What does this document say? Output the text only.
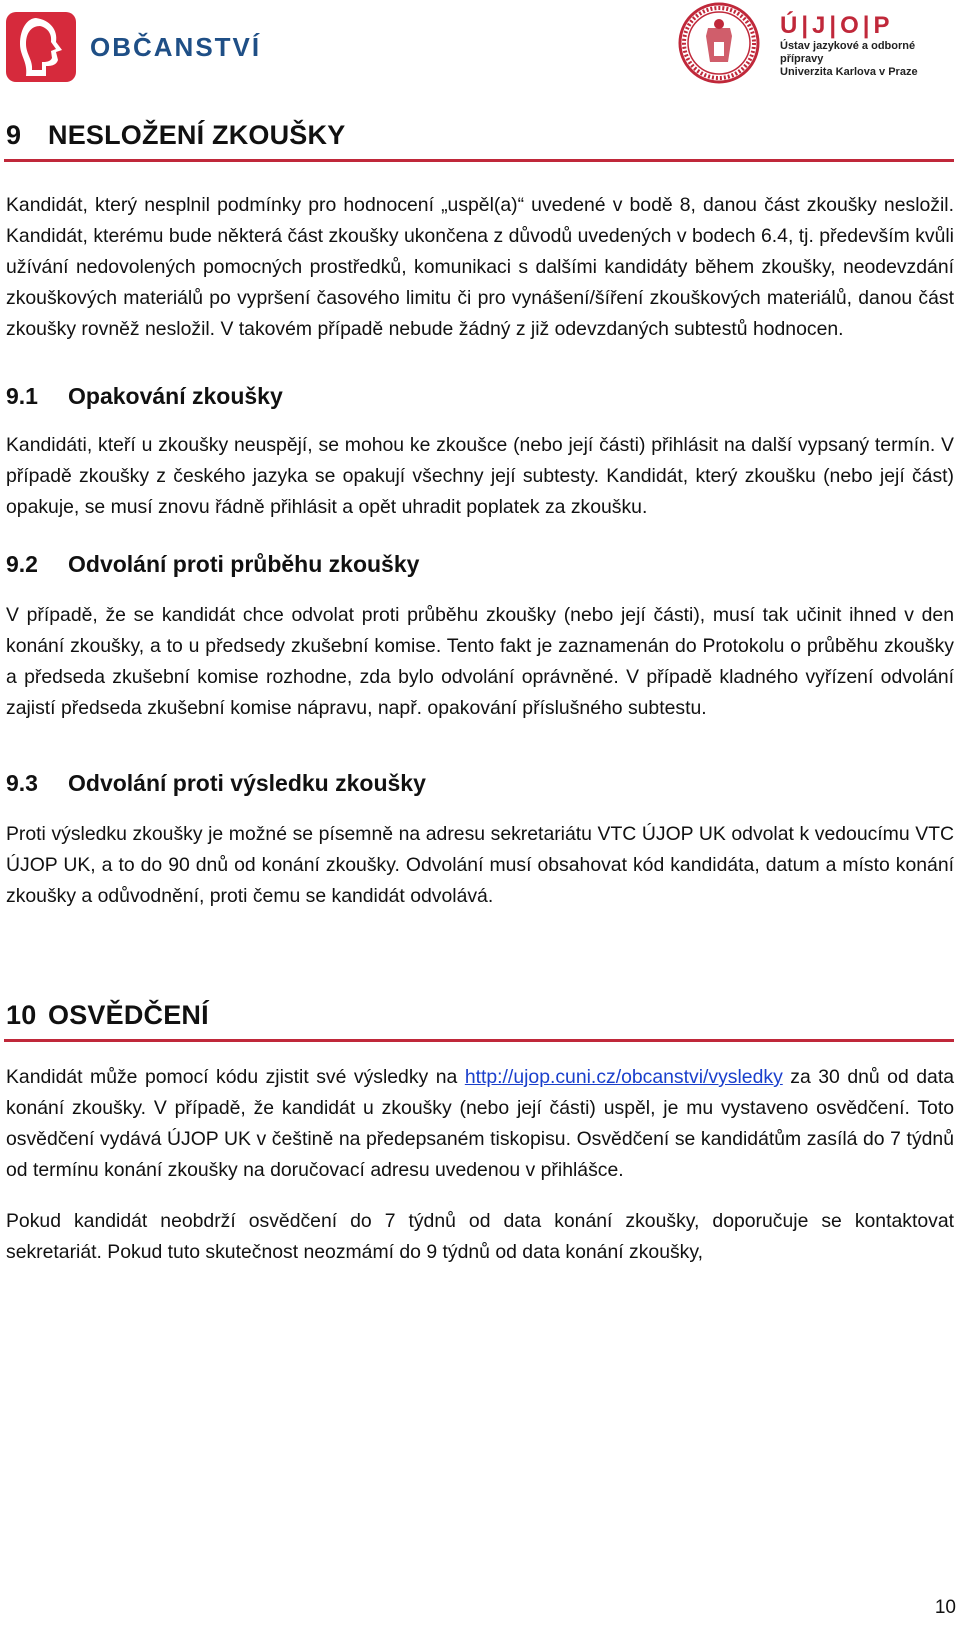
OBČANSTVÍ
Ú|J|O|P
Ústav jazykové a odborné přípravy
Univerzita Karlova v Praze
9 NESLOŽENÍ ZKOUŠKY

Kandidát, který nesplnil podmínky pro hodnocení „uspěl(a)“ uvedené v bodě 8, danou část zkoušky nesložil. Kandidát, kterému bude některá část zkoušky ukončena z důvodů uvedených v bodech 6.4, tj. především kvůli užívání nedovolených pomocných prostředků, komunikaci s dalšími kandidáty během zkoušky, neodevzdání zkouškových materiálů po vypršení časového limitu či pro vynášení/šíření zkouškových materiálů, danou část zkoušky rovněž nesložil. V takovém případě nebude žádný z již odevzdaných subtestů hodnocen.

9.1 Opakování zkoušky

Kandidáti, kteří u zkoušky neuspějí, se mohou ke zkoušce (nebo její části) přihlásit na další vypsaný termín. V případě zkoušky z českého jazyka se opakují všechny její subtesty. Kandidát, který zkoušku (nebo její část) opakuje, se musí znovu řádně přihlásit a opět uhradit poplatek za zkoušku.

9.2 Odvolání proti průběhu zkoušky

V případě, že se kandidát chce odvolat proti průběhu zkoušky (nebo její části), musí tak učinit ihned v den konání zkoušky, a to u předsedy zkušební komise. Tento fakt je zaznamenán do Protokolu o průběhu zkoušky a předseda zkušební komise rozhodne, zda bylo odvolání oprávněné. V případě kladného vyřízení odvolání zajistí předseda zkušební komise nápravu, např. opakování příslušného subtestu.

9.3 Odvolání proti výsledku zkoušky

Proti výsledku zkoušky je možné se písemně na adresu sekretariátu VTC ÚJOP UK odvolat k vedoucímu VTC ÚJOP UK, a to do 90 dnů od konání zkoušky. Odvolání musí obsahovat kód kandidáta, datum a místo konání zkoušky a odůvodnění, proti čemu se kandidát odvolává.

10 OSVĚDČENÍ

Kandidát může pomocí kódu zjistit své výsledky na http://ujop.cuni.cz/obcanstvi/vysledky za 30 dnů od data konání zkoušky. V případě, že kandidát u zkoušky (nebo její části) uspěl, je mu vystaveno osvědčení. Toto osvědčení vydává ÚJOP UK v češtině na předepsaném tiskopisu. Osvědčení se kandidátům zasílá do 7 týdnů od termínu konání zkoušky na doručovací adresu uvedenou v přihlášce.

Pokud kandidát neobdrží osvědčení do 7 týdnů od data konání zkoušky, doporučuje se kontaktovat sekretariát. Pokud tuto skutečnost neozmámí do 9 týdnů od data konání zkoušky,

10
